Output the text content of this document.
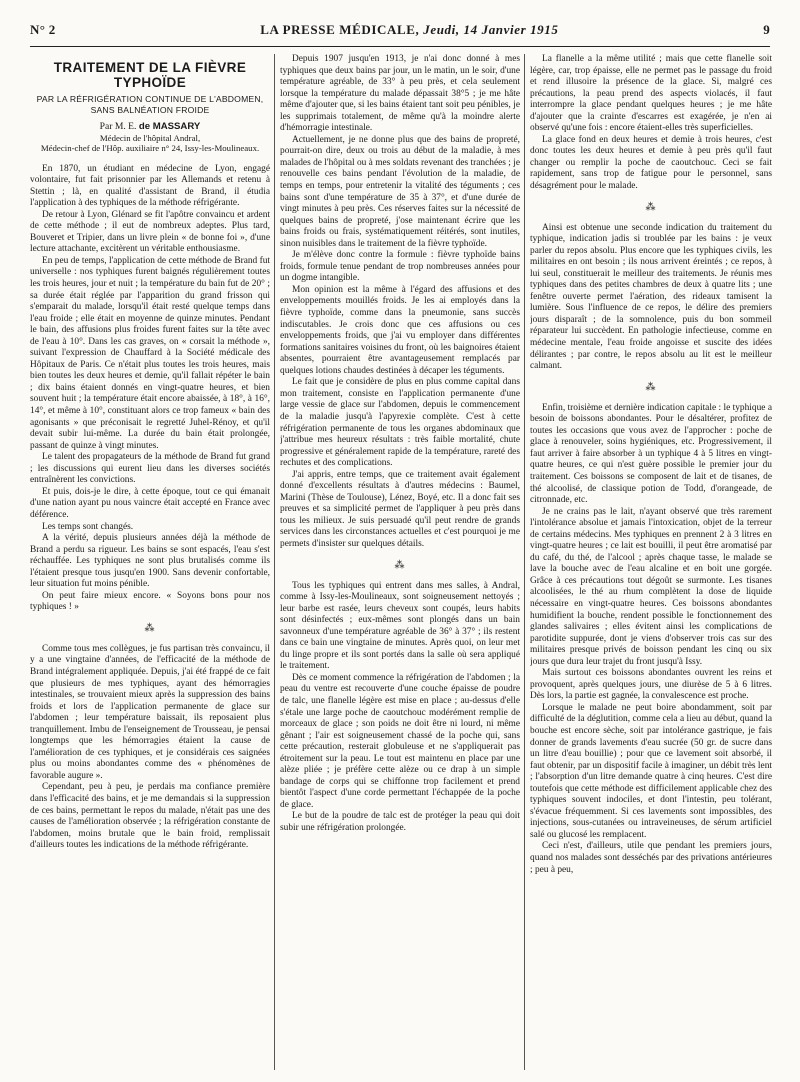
N° 2	LA PRESSE MÉDICALE, Jeudi, 14 Janvier 1915	9
TRAITEMENT DE LA FIÈVRE TYPHOÏDE
PAR LA RÉFRIGÉRATION CONTINUE DE L'ABDOMEN,
SANS BALNÉATION FROIDE
Par M. E. de MASSARY
Médecin de l'hôpital Andral,
Médecin-chef de l'Hôp. auxiliaire n° 24, Issy-les-Moulineaux.

En 1870, un étudiant en médecine de Lyon, engagé volontaire, fut fait prisonnier par les Allemands et retenu à Stettin ; là, en qualité d'assistant de Brand, il étudia l'application à des typhiques de la méthode réfrigérante.

De retour à Lyon, Glénard se fit l'apôtre convaincu et ardent de cette méthode ; il eut de nombreux adeptes. Plus tard, Bouveret et Tripier, dans un livre plein « de bonne foi », d'une lecture attachante, excitèrent un véritable enthousiasme.

En peu de temps, l'application de cette méthode de Brand fut universelle : nos typhiques furent baignés régulièrement toutes les trois heures, jour et nuit ; la température du bain fut de 20° ; sa durée était réglée par l'apparition du grand frisson qui s'emparait du malade, lorsqu'il était resté quelque temps dans l'eau froide ; elle était en moyenne de quinze minutes. Pendant le bain, des affusions plus froides furent faites sur la tête avec de l'eau à 10°. Dans les cas graves, on « corsait la méthode », suivant l'expression de Chauffard à la Société médicale des Hôpitaux de Paris. Ce n'était plus toutes les trois heures, mais bien toutes les deux heures et demie, qu'il fallait répéter le bain ; dix bains étaient donnés en vingt-quatre heures, et bien souvent huit ; la température était encore abaissée, à 18°, à 16°, 14°, et même à 10°, constituant alors ce trop fameux « bain des agonisants » que préconisait le regretté Juhel-Rénoy, et qu'il devait subir lui-même. La durée du bain était prolongée, passant de quinze à vingt minutes.

Le talent des propagateurs de la méthode de Brand fut grand ; les discussions qui eurent lieu dans les diverses sociétés entraînèrent les convictions.

Et puis, dois-je le dire, à cette époque, tout ce qui émanait d'une nation ayant pu nous vaincre était accepté en France avec déférence.

Les temps sont changés.

A la vérité, depuis plusieurs années déjà la méthode de Brand a perdu sa rigueur. Les bains se sont espacés, l'eau s'est réchauffée. Les typhiques ne sont plus brutalisés comme ils l'étaient presque tous jusqu'en 1900. Sans devenir confortable, leur situation fut moins pénible.

On peut faire mieux encore. « Soyons bons pour nos typhiques ! »

⁂

Comme tous mes collègues, je fus partisan très convaincu, il y a une vingtaine d'années, de l'efficacité de la méthode de Brand intégralement appliquée. Depuis, j'ai été frappé de ce fait que plusieurs de mes typhiques, ayant des hémorragies intestinales, se trouvaient mieux après la suppression des bains froids et lors de l'application permanente de glace sur l'abdomen ; leur température baissait, ils reposaient plus tranquillement. Imbu de l'enseignement de Trousseau, je pensai longtemps que les hémorragies étaient la cause de l'amélioration de ces typhiques, et je considérais ces saignées plus ou moins abondantes comme des « phénomènes de favorable augure ».

Cependant, peu à peu, je perdais ma confiance première dans l'efficacité des bains, et je me demandais si la suppression de ces bains, permettant le repos du malade, n'était pas une des causes de l'amélioration observée ; la réfrigération constante de l'abdomen, moins brutale que le bain froid, remplissait d'ailleurs toutes les indications de la méthode réfrigérante.

Depuis 1907 jusqu'en 1913, je n'ai donc donné à mes typhiques que deux bains par jour, un le matin, un le soir, d'une température agréable, de 33° à peu près, et cela seulement lorsque la température du malade dépassait 38°5 ; je me hâte même d'ajouter que, si les bains étaient tant soit peu pénibles, je les supprimais totalement, de même qu'à la moindre alerte d'hémorragie intestinale.

Actuellement, je ne donne plus que des bains de propreté, pourrait-on dire, deux ou trois au début de la maladie, à mes malades de l'hôpital ou à mes soldats revenant des tranchées ; je renouvelle ces bains pendant l'évolution de la maladie, de temps en temps, pour entretenir la vitalité des téguments ; ces bains sont d'une température de 35 à 37°, et d'une durée de vingt minutes à peu près. Ces réserves faites sur la nécessité de quelques bains de propreté, j'ose maintenant écrire que les bains froids ou frais, systématiquement réitérés, sont inutiles, sinon nuisibles dans le traitement de la fièvre typhoïde.

Je m'élève donc contre la formule : fièvre typhoïde bains froids, formule tenue pendant de trop nombreuses années pour un dogme intangible.

Mon opinion est la même à l'égard des affusions et des enveloppements mouillés froids. Je les ai employés dans la fièvre typhoïde, comme dans la pneumonie, sans succès indiscutables. Je crois donc que ces affusions ou ces enveloppements froids, que j'ai vu employer dans différentes formations sanitaires voisines du front, où les baignoires étaient absentes, pourraient être avantageusement remplacés par quelques lotions chaudes destinées à décaper les téguments.

Le fait que je considère de plus en plus comme capital dans mon traitement, consiste en l'application permanente d'une large vessie de glace sur l'abdomen, depuis le commencement de la maladie jusqu'à l'apyrexie complète. C'est à cette réfrigération permanente de tous les organes abdominaux que j'attribue mes heureux résultats : très faible mortalité, chute progressive et généralement rapide de la température, rareté des rechutes et des complications.

J'ai appris, entre temps, que ce traitement avait également donné d'excellents résultats à d'autres médecins : Baumel, Marini (Thèse de Toulouse), Lénez, Boyé, etc. Il a donc fait ses preuves et sa simplicité permet de l'appliquer à peu près dans tous les milieux. Je suis persuadé qu'il peut rendre de grands services dans les circonstances actuelles et c'est pourquoi je me permets d'insister sur quelques détails.

⁂

Tous les typhiques qui entrent dans mes salles, à Andral, comme à Issy-les-Moulineaux, sont soigneusement nettoyés ; leur barbe est rasée, leurs cheveux sont coupés, leurs habits sont désinfectés ; eux-mêmes sont plongés dans un bain savonneux d'une température agréable de 36° à 37° ; ils restent dans ce bain une vingtaine de minutes. Après quoi, on leur met du linge propre et ils sont portés dans la salle où sera appliqué le traitement.

Dès ce moment commence la réfrigération de l'abdomen ; la peau du ventre est recouverte d'une couche épaisse de poudre de talc, une flanelle légère est mise en place ; au-dessus d'elle s'étale une large poche de caoutchouc modérément remplie de morceaux de glace ; son poids ne doit être ni lourd, ni même gênant ; l'air est soigneusement chassé de la poche qui, sans cette précaution, resterait globuleuse et ne s'appliquerait pas étroitement sur la peau. Le tout est maintenu en place par une alèze pliée ; je préfère cette alèze ou ce drap à un simple bandage de corps qui se chiffonne trop facilement et prend bientôt l'aspect d'une corde permettant l'échappée de la poche de glace.

Le but de la poudre de talc est de protéger la peau qui doit subir une réfrigération prolongée.

La flanelle a la même utilité ; mais que cette flanelle soit légère, car, trop épaisse, elle ne permet pas le passage du froid et rend illusoire la présence de la glace. Si, malgré ces précautions, la peau prend des aspects violacés, il faut interrompre la glace pendant quelques heures ; je me hâte d'ajouter que la crainte d'escarres est exagérée, je n'en ai observé qu'une fois : encore étaient-elles très superficielles.

La glace fond en deux heures et demie à trois heures, c'est donc toutes les deux heures et demie à peu près qu'il faut changer ou remplir la poche de caoutchouc. Ceci se fait rapidement, sans trop de fatigue pour le personnel, sans désagrément pour le malade.

⁂

Ainsi est obtenue une seconde indication du traitement du typhique, indication jadis si troublée par les bains : je veux parler du repos absolu. Plus encore que les typhiques civils, les militaires en ont besoin ; ils nous arrivent éreintés ; ce repos, à lui seul, constituerait le meilleur des traitements. Je réunis mes typhiques dans des petites chambres de deux à quatre lits ; une fenêtre ouverte permet l'aération, des rideaux tamisent la lumière. Sous l'influence de ce repos, le délire des premiers jours disparaît ; de la somnolence, puis du bon sommeil réparateur lui succèdent. En pathologie infectieuse, comme en médecine mentale, l'eau froide angoisse et suscite des idées délirantes ; par contre, le repos absolu au lit est le meilleur calmant.

⁂

Enfin, troisième et dernière indication capitale : le typhique a besoin de boissons abondantes. Pour le désaltérer, profitez de toutes les occasions que vous avez de l'approcher : poche de glace à renouveler, soins hygiéniques, etc. Progressivement, il faut arriver à faire absorber à un typhique 4 à 5 litres en vingt-quatre heures, ce qui n'est guère possible le premier jour du traitement. Ces boissons se composent de lait et de tisanes, de thé alcoolisé, de classique potion de Todd, d'orangeade, de citronnade, etc.

Je ne crains pas le lait, n'ayant observé que très rarement l'intolérance absolue et jamais l'intoxication, objet de la terreur de certains médecins. Mes typhiques en prennent 2 à 3 litres en vingt-quatre heures ; ce lait est bouilli, il peut être aromatisé par du café, du thé, de l'alcool ; après chaque tasse, le malade se lave la bouche avec de l'eau alcaline et en boit une gorgée. Grâce à ces précautions tout dégoût se surmonte. Les tisanes alcoolisées, le thé au rhum complètent la dose de liquide nécessaire en vingt-quatre heures. Ces boissons abondantes humidifient la bouche, rendent possible le fonctionnement des glandes salivaires ; elles évitent ainsi les complications de parotidite suppurée, dont je viens d'observer trois cas sur des militaires presque privés de boisson pendant les cinq ou six jours que dura leur trajet du front jusqu'à Issy.

Mais surtout ces boissons abondantes ouvrent les reins et provoquent, après quelques jours, une diurèse de 5 à 6 litres. Dès lors, la partie est gagnée, la convalescence est proche.

Lorsque le malade ne peut boire abondamment, soit par difficulté de la déglutition, comme cela a lieu au début, quand la bouche est encore sèche, soit par intolérance gastrique, je fais donner de grands lavements d'eau sucrée (50 gr. de sucre dans un litre d'eau bouillie) ; pour que ce lavement soit absorbé, il faut obtenir, par un dispositif facile à imaginer, un débit très lent ; l'absorption d'un litre demande quatre à cinq heures. C'est dire toutefois que cette méthode est difficilement applicable chez des typhiques souvent indociles, et dont l'intestin, peu tolérant, s'évacue fréquemment. Si ces lavements sont impossibles, des injections, sous-cutanées ou intraveineuses, de sérum artificiel salé ou glucosé les remplacent.

Ceci n'est, d'ailleurs, utile que pendant les premiers jours, quand nos malades sont desséchés par des privations antérieures ; peu à peu,
